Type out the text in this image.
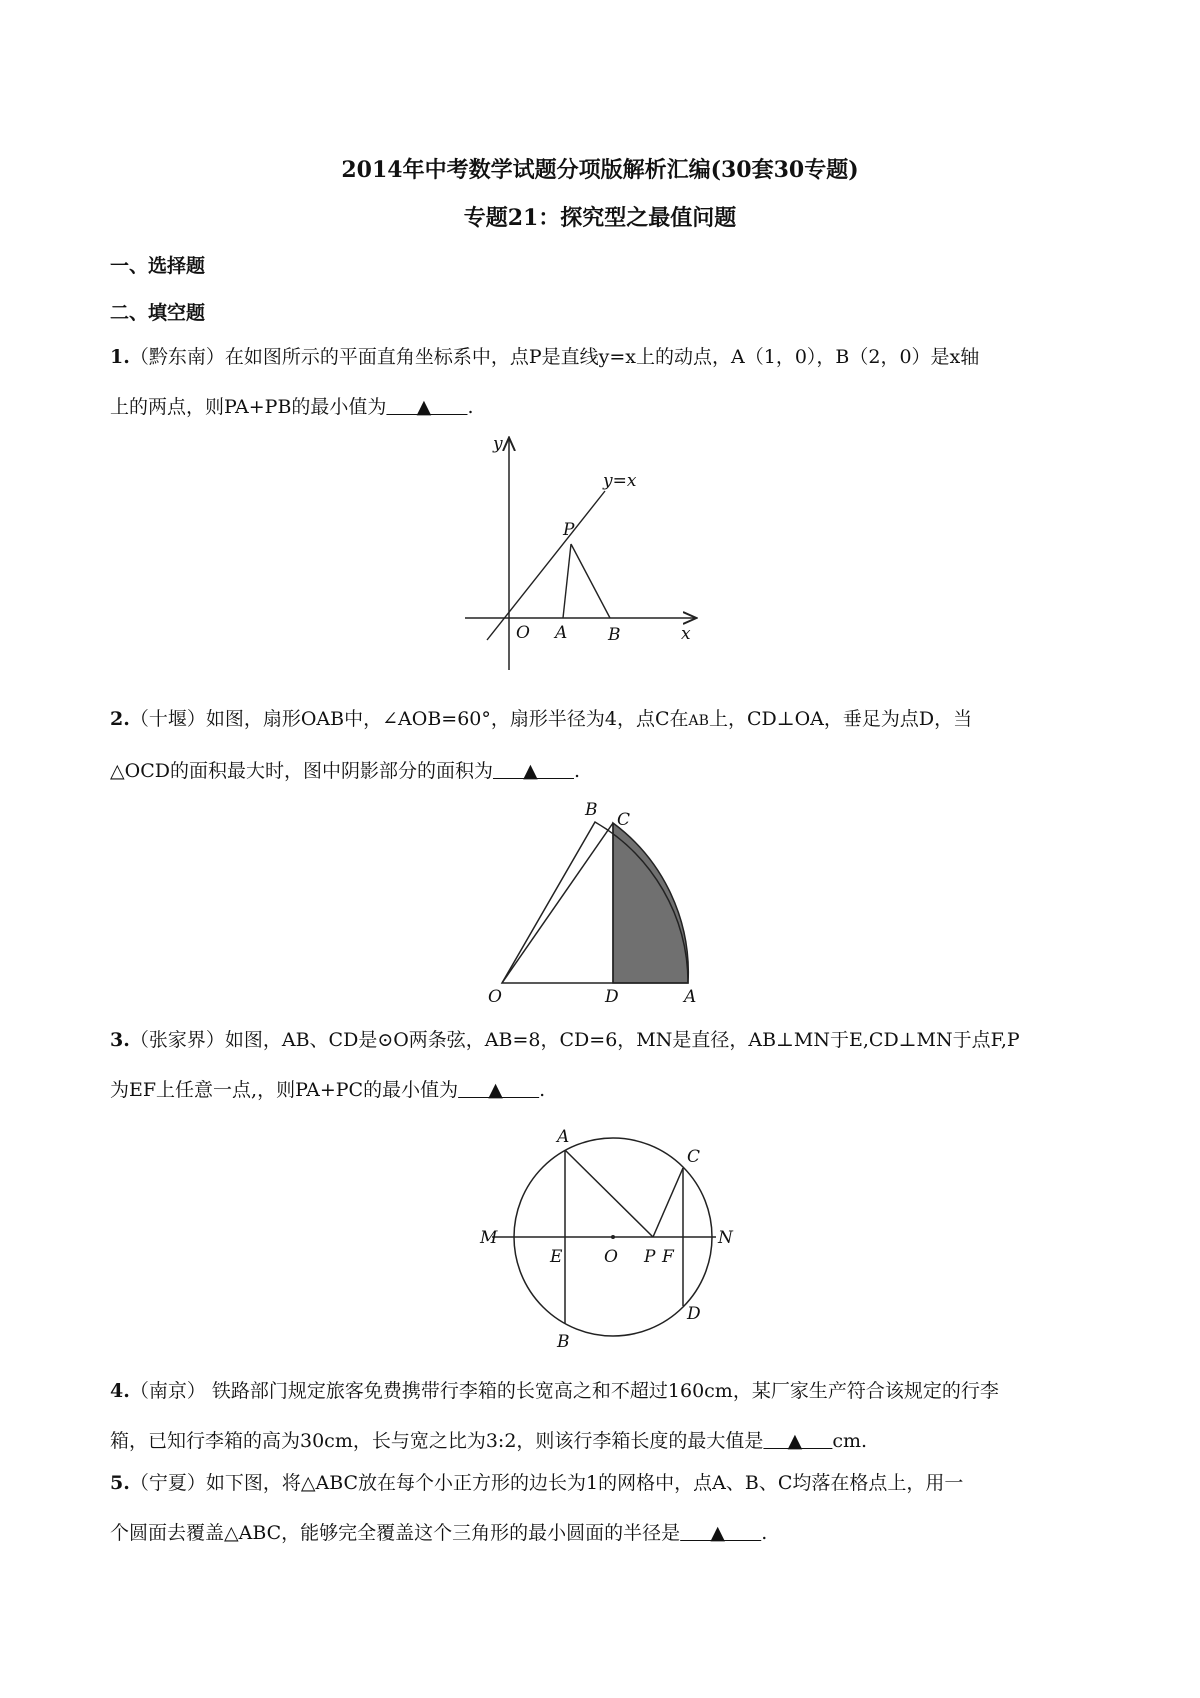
2014年中考数学试题分项版解析汇编(30套30专题)
专题21：探究型之最值问题
一、选择题
二、填空题
1.（黔东南）在如图所示的平面直角坐标系中，点P是直线y=x上的动点，A（1，0），B（2，0）是x轴
上的两点，则PA+PB的最小值为     ▲      .
y
y=x
P
O A B	x
2.（十堰）如图，扇形OAB中，∠AOB=60°，扇形半径为4，点C在AB上，CD⊥OA，垂足为点D，当
△OCD的面积最大时，图中阴影部分的面积为     ▲      .
B C
O	D	A
3.（张家界）如图，AB、CD是⊙O两条弦，AB=8，CD=6，MN是直径，AB⊥MN于E,CD⊥MN于点F,P
为EF上任意一点,，则PA+PC的最小值为     ▲      .
A
C
M
E O P F
N
D
B
4.（南京） 铁路部门规定旅客免费携带行李箱的长宽高之和不超过160cm，某厂家生产符合该规定的行李
箱，已知行李箱的高为30cm，长与宽之比为3:2，则该行李箱长度的最大值是    ▲     cm.
5.（宁夏）如下图，将△ABC放在每个小正方形的边长为1的网格中，点A、B、C均落在格点上，用一
个圆面去覆盖△ABC，能够完全覆盖这个三角形的最小圆面的半径是     ▲      .
